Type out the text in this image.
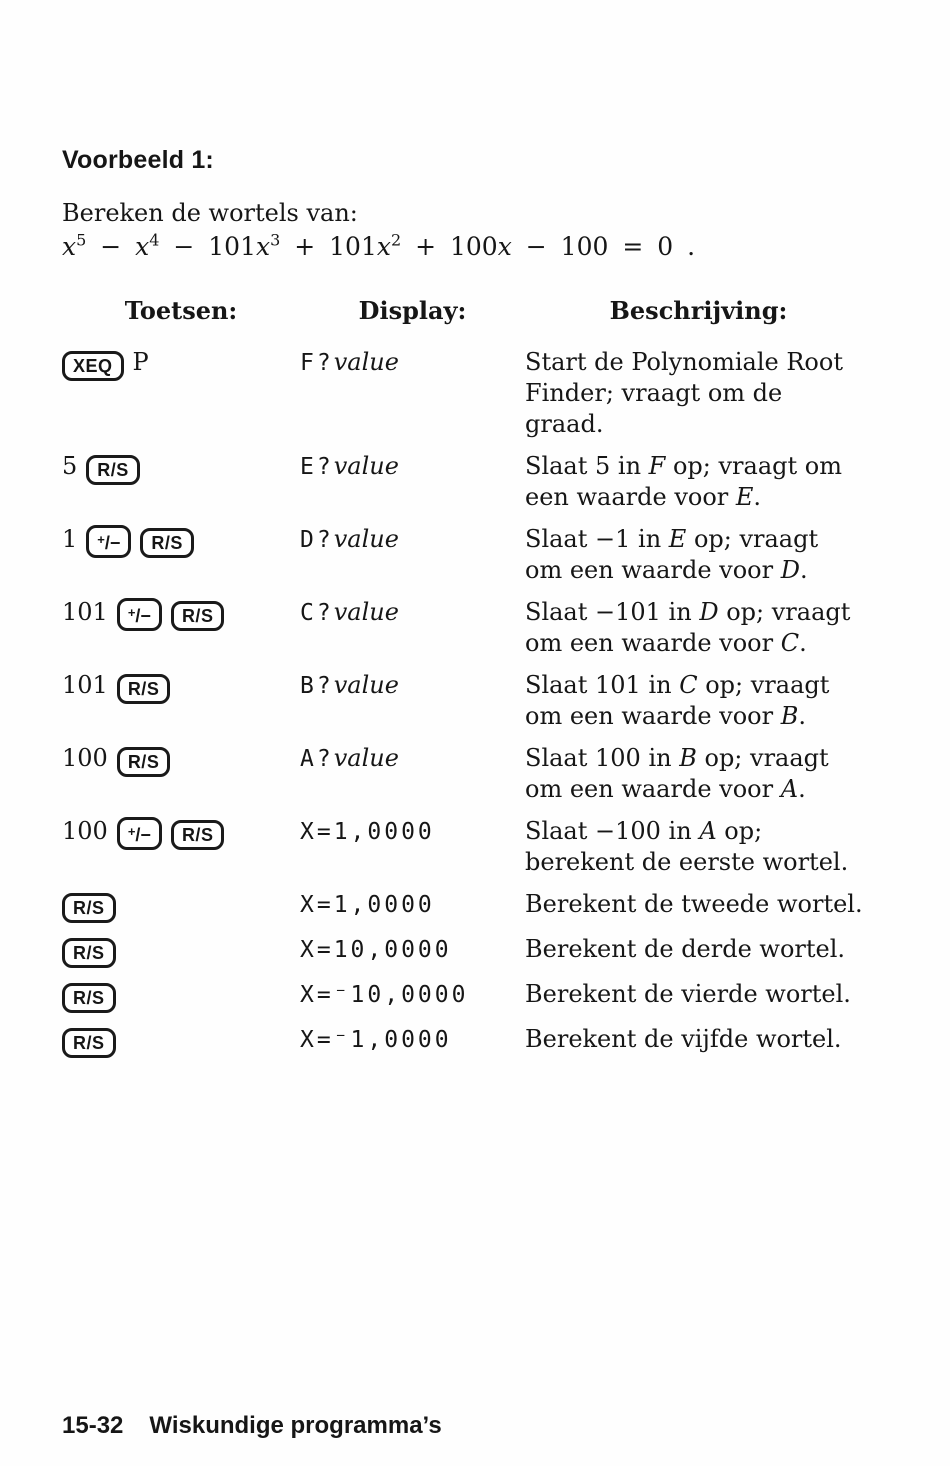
Voorbeeld 1:

Bereken de wortels van:

$x^5 - x^4 - 101x^3 + 101x^2 + 100x - 100 = 0$ .

Toetsen:	Display:	Beschrijving:
XEQ P	F?value	Start de Polynomiale Root
Finder; vraagt om de
graad.
5 R/S	E?value	Slaat 5 in F op; vraagt om
een waarde voor E.
1 +/− R/S	D?value	Slaat −1 in E op; vraagt
om een waarde voor D.
101 +/− R/S	C?value	Slaat −101 in D op; vraagt
om een waarde voor C.
101 R/S	B?value	Slaat 101 in C op; vraagt
om een waarde voor B.
100 R/S	A?value	Slaat 100 in B op; vraagt
om een waarde voor A.
100 +/− R/S	X=1,0000	Slaat −100 in A op;
berekent de eerste wortel.
R/S	X=1,0000	Berekent de tweede wortel.
R/S	X=10,0000	Berekent de derde wortel.
R/S	X=⁻10,0000	Berekent de vierde wortel.
R/S	X=⁻1,0000	Berekent de vijfde wortel.
15-32 Wiskundige programma’s
